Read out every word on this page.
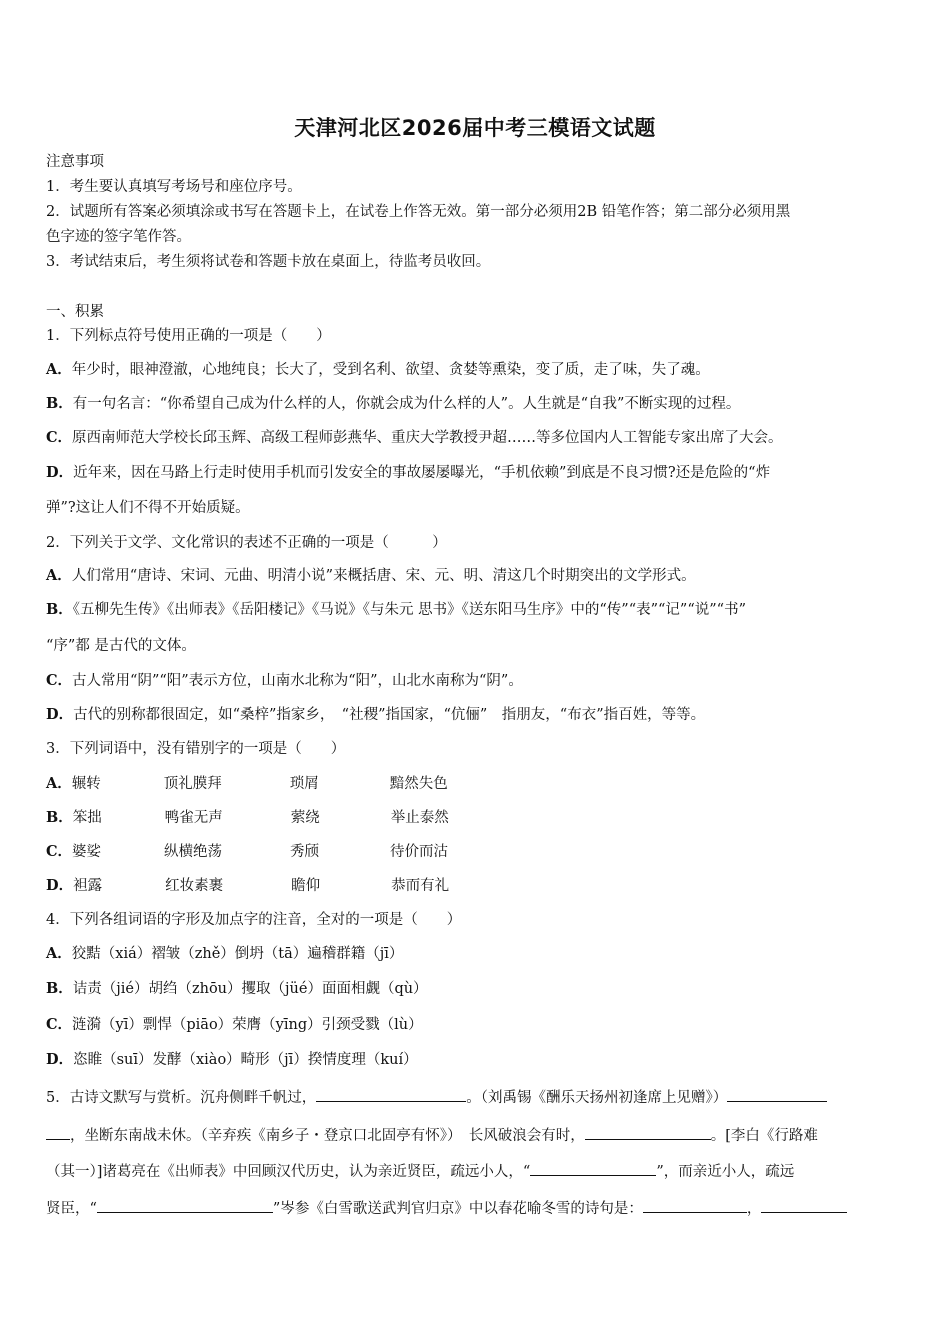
天津河北区2026届中考三模语文试题
注意事项
1．考生要认真填写考场号和座位序号。
2．试题所有答案必须填涂或书写在答题卡上，在试卷上作答无效。第一部分必须用2B 铅笔作答；第二部分必须用黑
色字迹的签字笔作答。
3．考试结束后，考生须将试卷和答题卡放在桌面上，待监考员收回。
一、积累
1．下列标点符号使用正确的一项是（　　）
A．年少时，眼神澄澈，心地纯良；长大了，受到名利、欲望、贪婪等熏染，变了质，走了味，失了魂。
B．有一句名言：“你希望自己成为什么样的人，你就会成为什么样的人”。人生就是“自我”不断实现的过程。
C．原西南师范大学校长邱玉辉、高级工程师彭燕华、重庆大学教授尹超……等多位国内人工智能专家出席了大会。
D．近年来，因在马路上行走时使用手机而引发安全的事故屡屡曝光，“手机依赖”到底是不良习惯?还是危险的“炸
弹”?这让人们不得不开始质疑。
2．下列关于文学、文化常识的表述不正确的一项是（　　　）
A．人们常用“唐诗、宋词、元曲、明清小说”来概括唐、宋、元、明、清这几个时期突出的文学形式。
B．《五柳先生传》《出师表》《岳阳楼记》《马说》《与朱元 思书》《送东阳马生序》中的“传”“表”“记”“说”“书”
“序”都 是古代的文体。
C．古人常用“阴”“阳”表示方位，山南水北称为“阳”，山北水南称为“阴”。
D．古代的别称都很固定，如“桑梓”指家乡，　“社稷”指国家，“伉俪”　指朋友，“布衣”指百姓，等等。
3．下列词语中，没有错别字的一项是（　　）
A．辗转	顶礼膜拜	琐屑	黯然失色
B．笨拙	鸭雀无声	萦绕	举止泰然
C．婆娑	纵横绝荡	秀颀	待价而沽
D．袒露	红妆素裹	瞻仰	恭而有礼
4．下列各组词语的字形及加点字的注音，全对的一项是（　　）
A．狡黠（xiá）褶皱（zhě）倒坍（tā）遍稽群籍（jī）
B．诘责（jié）胡绉（zhōu）攫取（jüé）面面相觑（qù）
C．涟漪（yī）剽悍（piāo）荣膺（yīng）引颈受戮（lù）
D．恣睢（suī）发酵（xiào）畸形（jī）揆情度理（kuí）
5．古诗文默写与赏析。沉舟侧畔千帆过，	。（刘禹锡《酬乐天扬州初逢席上见赠》）
，坐断东南战未休。（辛弃疾《南乡子・登京口北固亭有怀》）　长风破浪会有时，	。[李白《行路难
（其一）]诸葛亮在《出师表》中回顾汉代历史，认为亲近贤臣，疏远小人，“	”，而亲近小人，疏远
贤臣，“	”岑参《白雪歌送武判官归京》中以春花喻冬雪的诗句是：	，
